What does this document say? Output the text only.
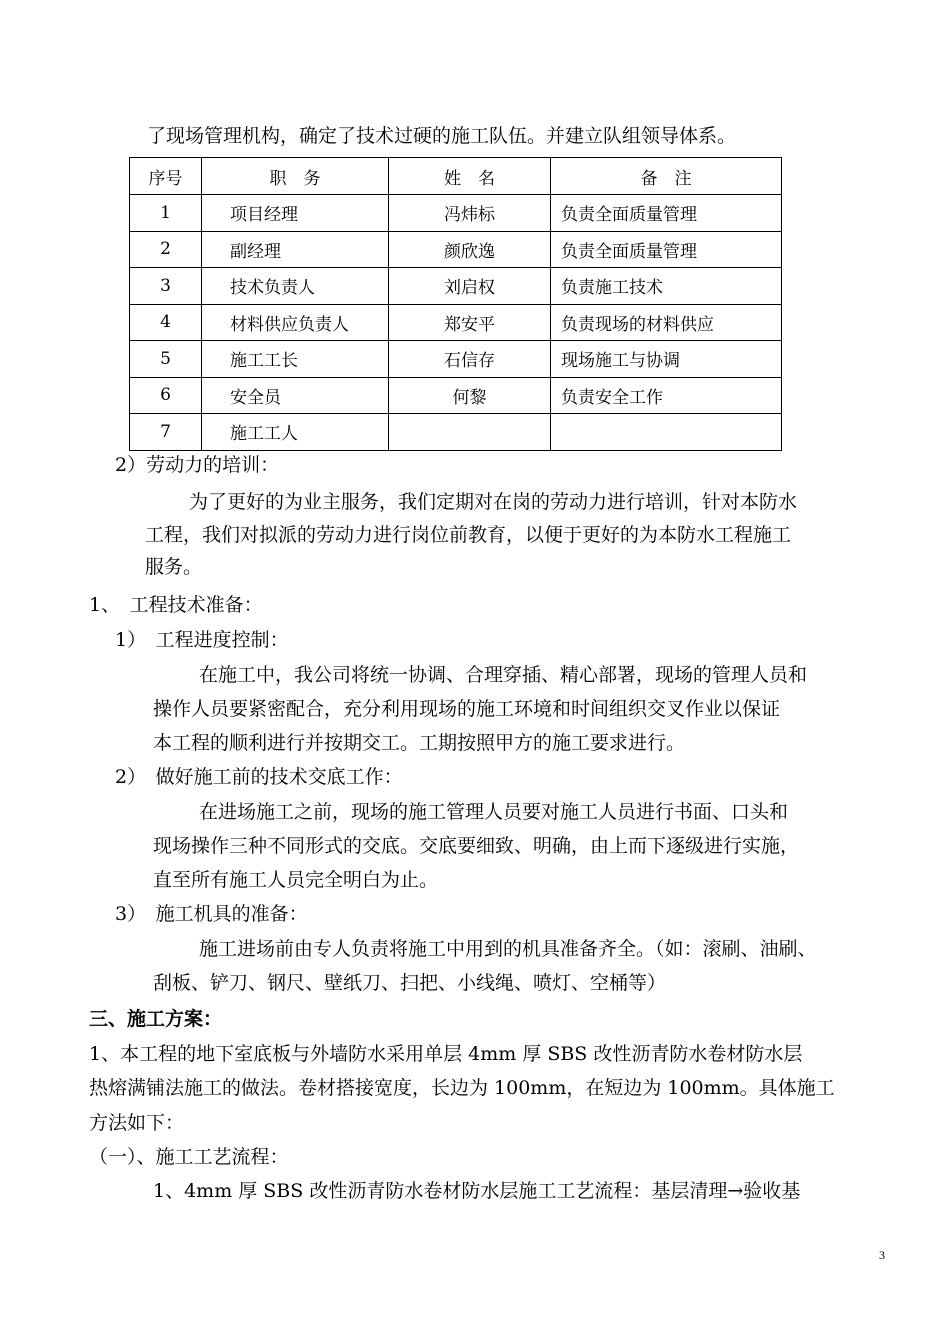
了现场管理机构，确定了技术过硬的施工队伍。并建立队组领导体系。
序号	职　务	姓　名	备　注
1	项目经理	冯炜标	负责全面质量管理
2	副经理	颜欣逸	负责全面质量管理
3	技术负责人	刘启权	负责施工技术
4	材料供应负责人	郑安平	负责现场的材料供应
5	施工工长	石信存	现场施工与协调
6	安全员	何黎	负责安全工作
7	施工工人		
2）劳动力的培训：
为了更好的为业主服务，我们定期对在岗的劳动力进行培训，针对本防水
工程，我们对拟派的劳动力进行岗位前教育，以便于更好的为本防水工程施工
服务。
1、　工程技术准备：
1）　工程进度控制：
在施工中，我公司将统一协调、合理穿插、精心部署，现场的管理人员和
操作人员要紧密配合，充分利用现场的施工环境和时间组织交叉作业以保证
本工程的顺利进行并按期交工。工期按照甲方的施工要求进行。
2）　做好施工前的技术交底工作：
在进场施工之前，现场的施工管理人员要对施工人员进行书面、口头和
现场操作三种不同形式的交底。交底要细致、明确，由上而下逐级进行实施，
直至所有施工人员完全明白为止。
3）　施工机具的准备：
施工进场前由专人负责将施工中用到的机具准备齐全。（如：滚刷、油刷、
刮板、铲刀、钢尺、壁纸刀、扫把、小线绳、喷灯、空桶等）
三、施工方案：
1、本工程的地下室底板与外墙防水采用单层 4mm 厚 SBS 改性沥青防水卷材防水层
热熔满铺法施工的做法。卷材搭接宽度，长边为 100mm，在短边为 100mm。具体施工
方法如下：
（一）、施工工艺流程：
1、4mm 厚 SBS 改性沥青防水卷材防水层施工工艺流程：基层清理→验收基
3
